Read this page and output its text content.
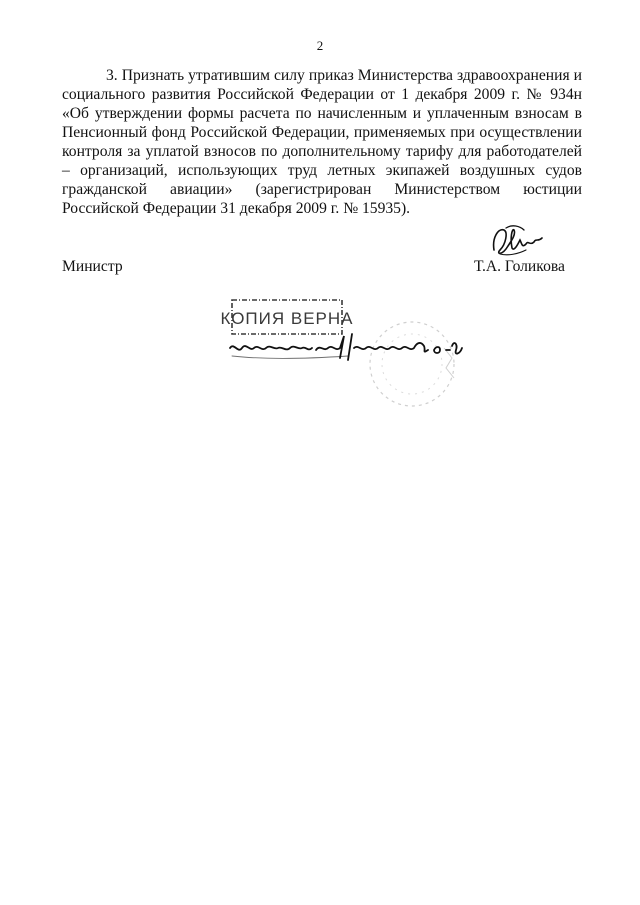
2
3. Признать утратившим силу приказ Министерства здравоохранения и социального развития Российской Федерации от 1 декабря 2009 г. № 934н «Об утверждении формы расчета по начисленным и уплаченным взносам в Пенсионный фонд Российской Федерации, применяемых при осуществлении контроля за уплатой взносов по дополнительному тарифу для работодателей – организаций, использующих труд летных экипажей воздушных судов гражданской авиации» (зарегистрирован Министерством юстиции Российской Федерации 31 декабря 2009 г. № 15935).
Министр	Т.А. Голикова
КОПИЯ ВЕРНА
